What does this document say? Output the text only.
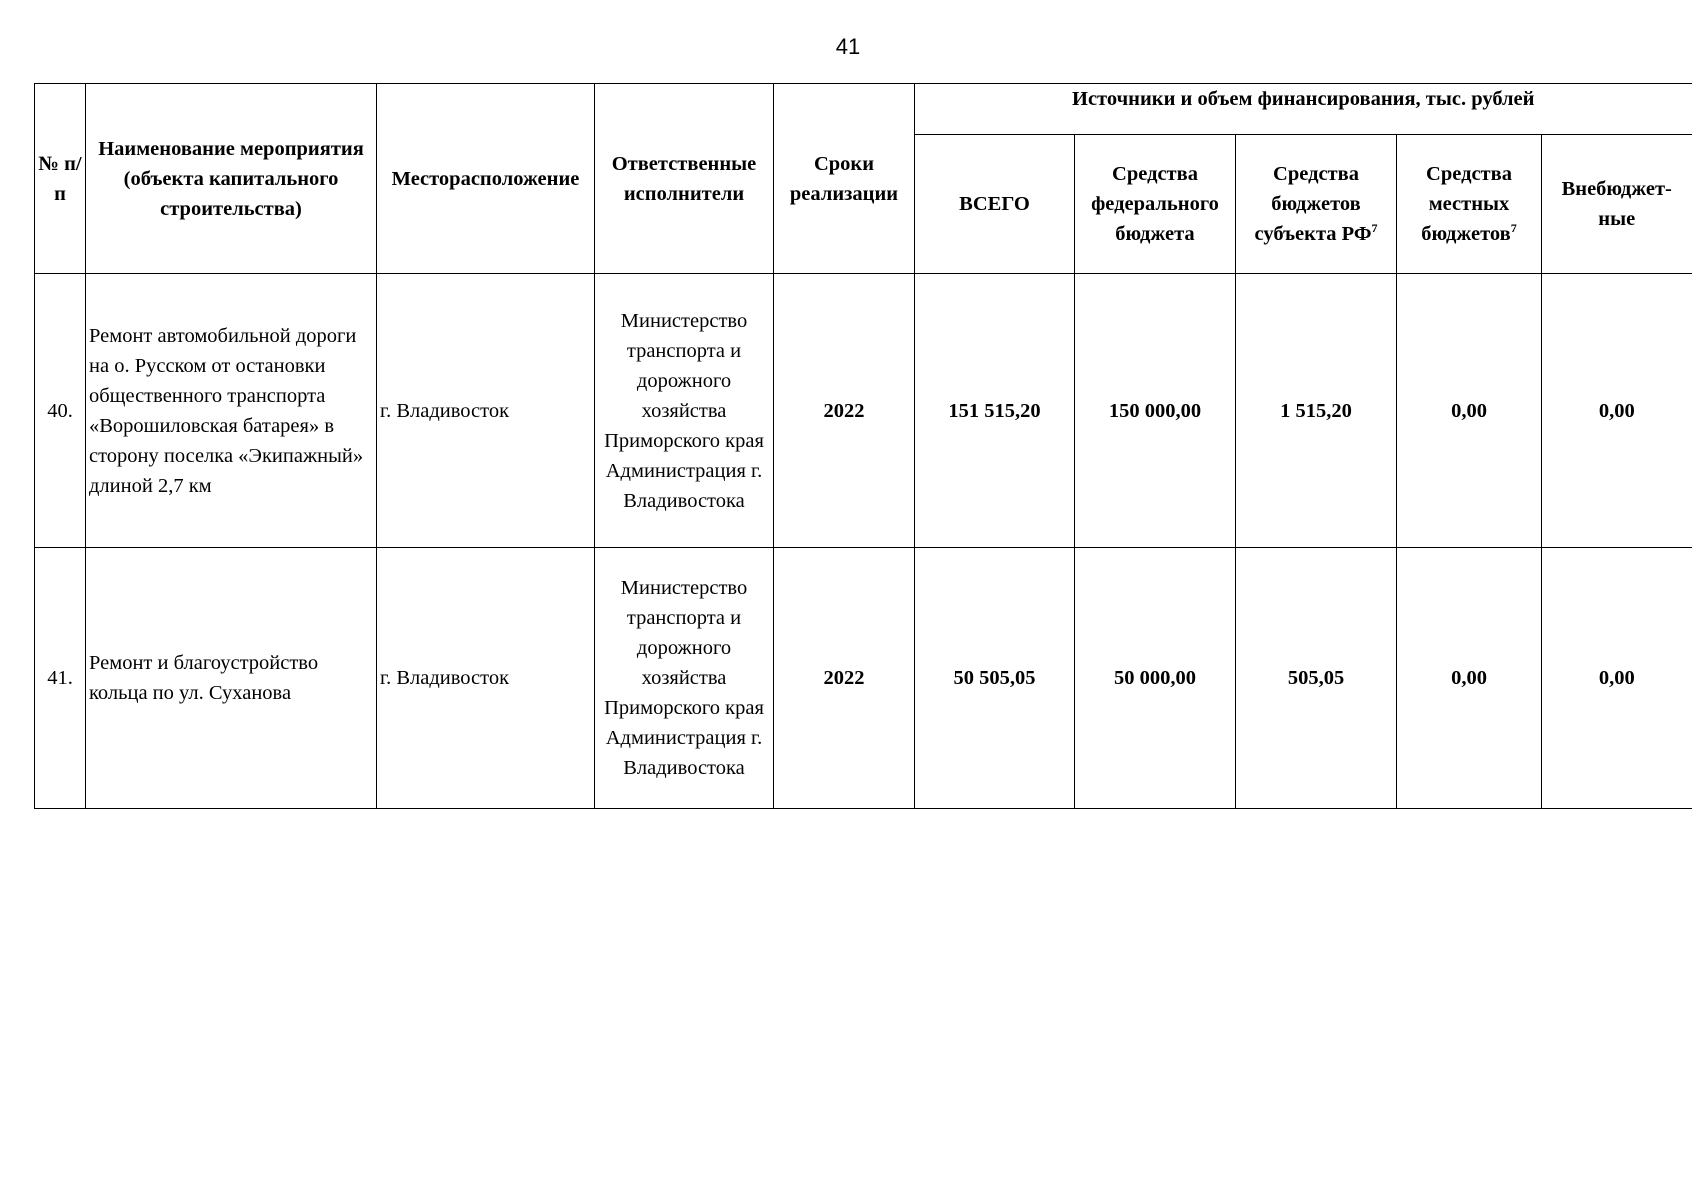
41
№ п/п	Наименование мероприятия (объекта капитального строительства)	Месторасположение	Ответственные исполнители	Сроки реализации	Источники и объем финансирования, тыс. рублей				
					ВСЕГО	Средства федерального бюджета	Средства бюджетов субъекта $РФ^7$	Средства местных бюджетов$^7$	Внебюджет-ные
40.	Ремонт автомобильной дороги на о. Русском от остановки общественного транспорта «Ворошиловская батарея» в сторону поселка «Экипажный» длиной 2,7 км	г. Владивосток	Министерство транспорта и дорожного хозяйства Приморского края Администрация г. Владивостока	2022	151 515,20	150 000,00	1 515,20	0,00	0,00
41.	Ремонт и благоустройство кольца по ул. Суханова	г. Владивосток	Министерство транспорта и дорожного хозяйства Приморского края Администрация г. Владивостока	2022	50 505,05	50 000,00	505,05	0,00	0,00
